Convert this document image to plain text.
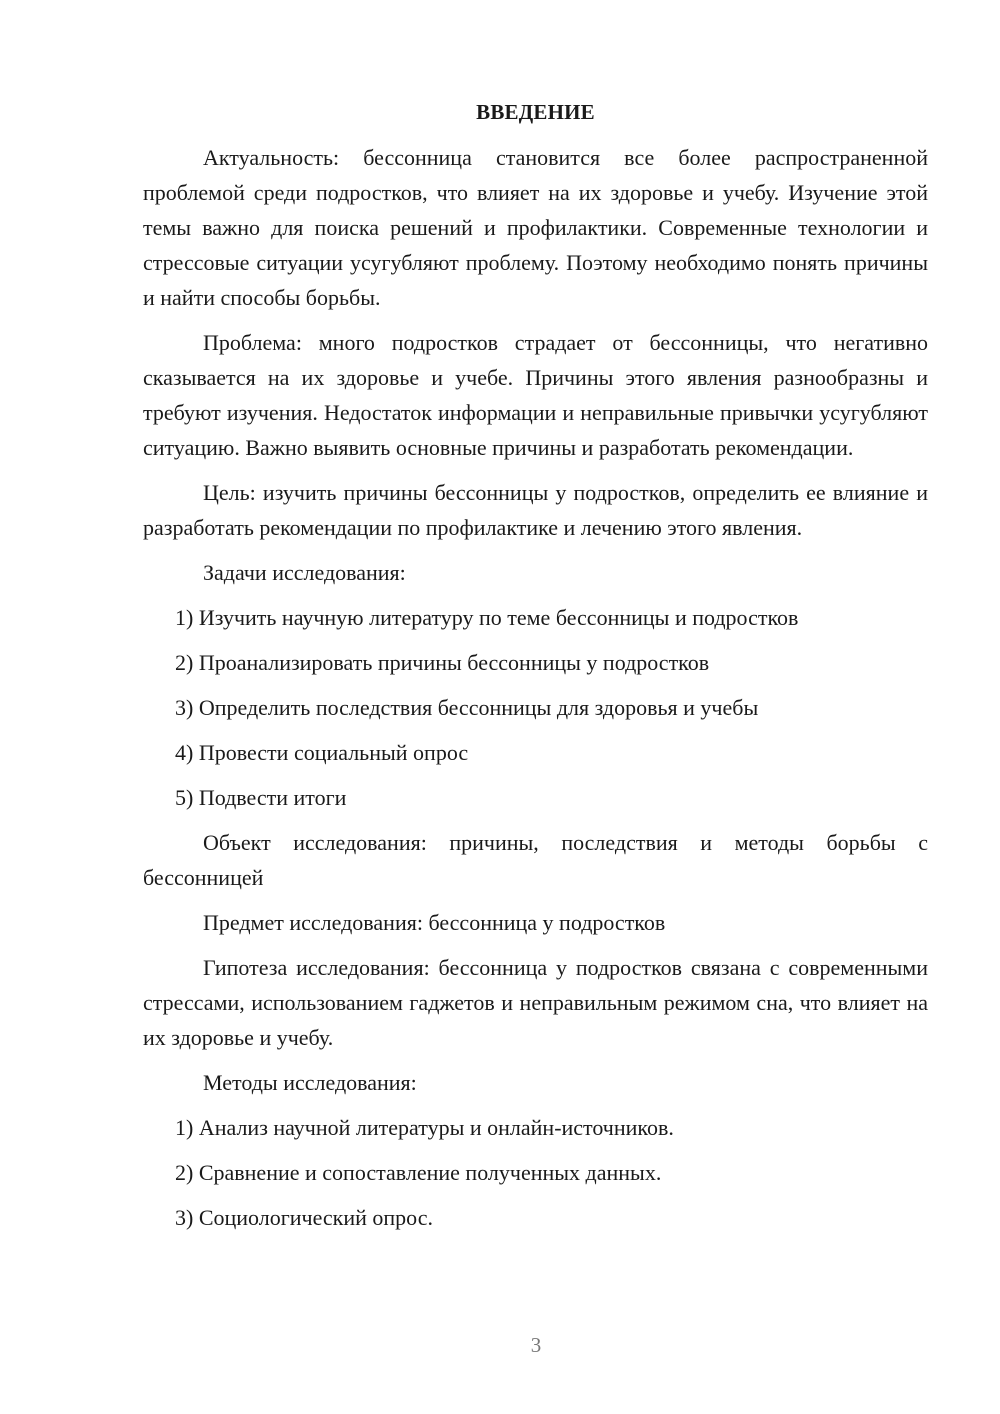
ВВЕДЕНИЕ

Актуальность: бессонница становится все более распространенной проблемой среди подростков, что влияет на их здоровье и учебу. Изучение этой темы важно для поиска решений и профилактики. Современные технологии и стрессовые ситуации усугубляют проблему. Поэтому необходимо понять причины и найти способы борьбы.

Проблема: много подростков страдает от бессонницы, что негативно сказывается на их здоровье и учебе. Причины этого явления разнообразны и требуют изучения. Недостаток информации и неправильные привычки усугубляют ситуацию. Важно выявить основные причины и разработать рекомендации.

Цель: изучить причины бессонницы у подростков, определить ее влияние и разработать рекомендации по профилактике и лечению этого явления.

Задачи исследования:

1) Изучить научную литературу по теме бессонницы и подростков

2) Проанализировать причины бессонницы у подростков

3) Определить последствия бессонницы для здоровья и учебы

4) Провести социальный опрос

5) Подвести итоги

Объект исследования: причины, последствия и методы борьбы с бессонницей

Предмет исследования: бессонница у подростков

Гипотеза исследования: бессонница у подростков связана с современными стрессами, использованием гаджетов и неправильным режимом сна, что влияет на их здоровье и учебу.

Методы исследования:

1) Анализ научной литературы и онлайн-источников.

2) Сравнение и сопоставление полученных данных.

3) Социологический опрос.

3
